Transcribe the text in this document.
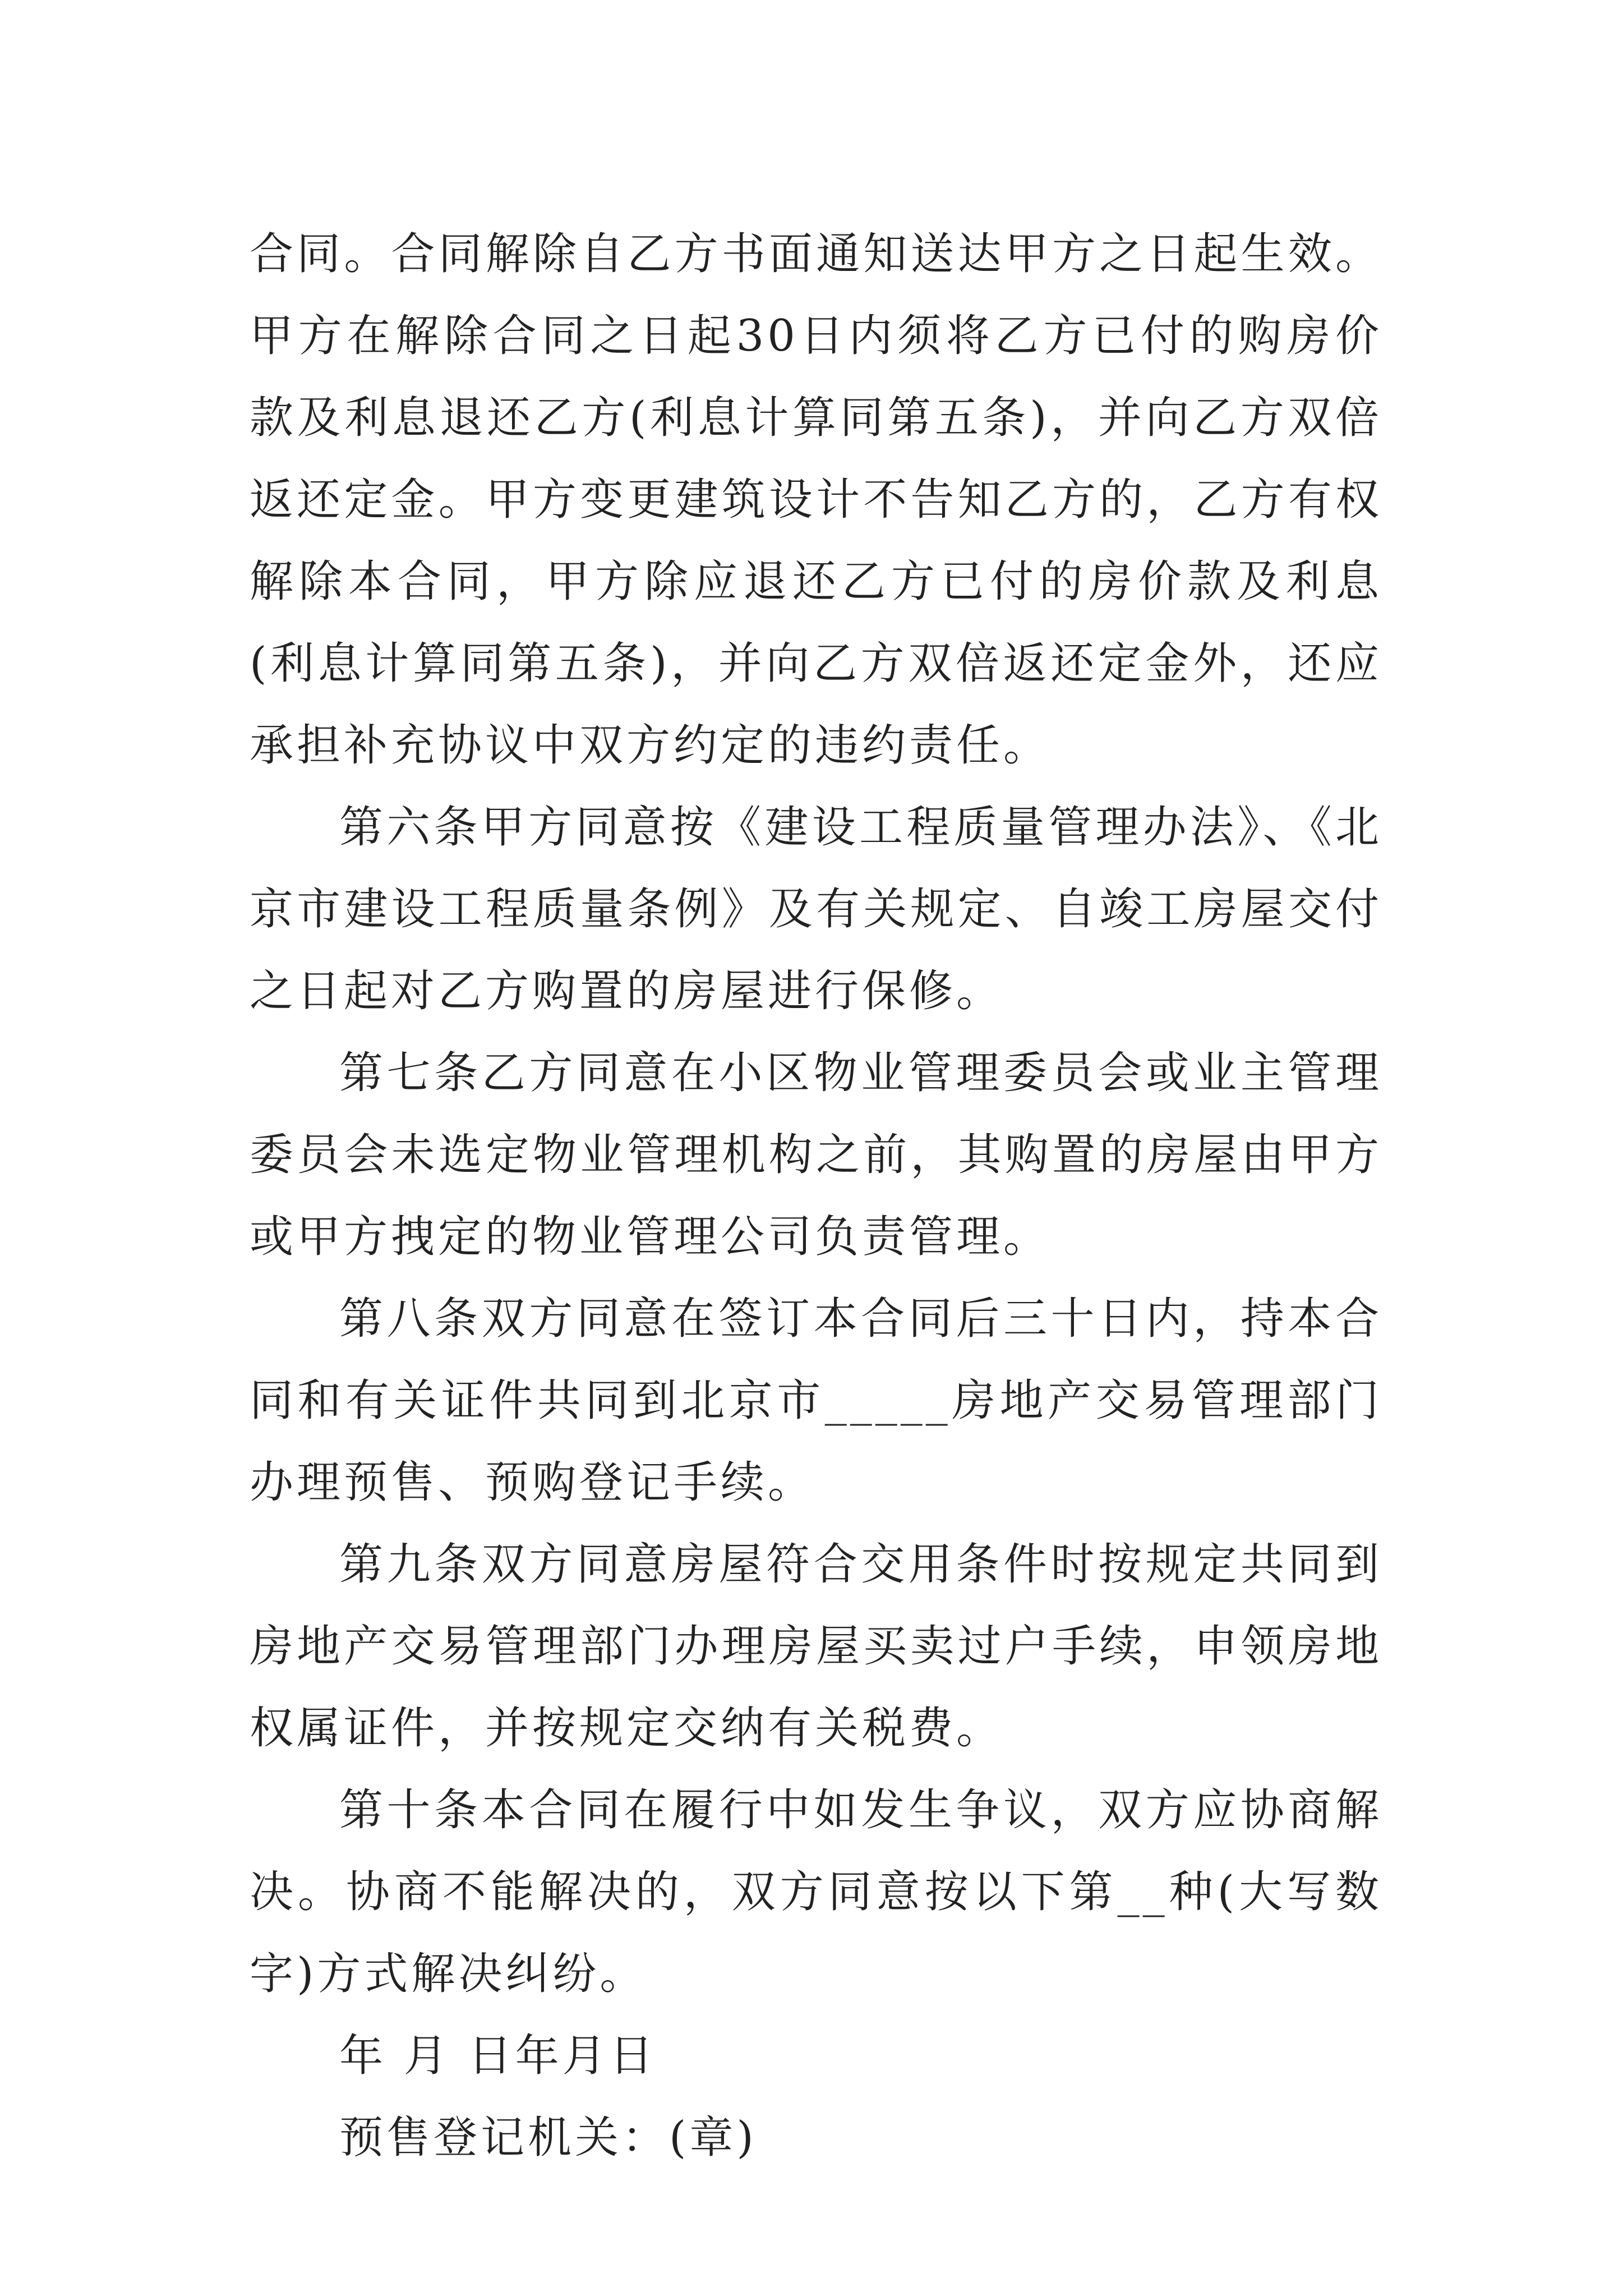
合同。合同解除自乙方书面通知送达甲方之日起生效。甲方在解除合同之日起30日内须将乙方已付的购房价款及利息退还乙方(利息计算同第五条)，并向乙方双倍返还定金。甲方变更建筑设计不告知乙方的，乙方有权解除本合同，甲方除应退还乙方已付的房价款及利息(利息计算同第五条)，并向乙方双倍返还定金外，还应承担补充协议中双方约定的违约责任。

第六条甲方同意按《建设工程质量管理办法》、《北京市建设工程质量条例》及有关规定、自竣工房屋交付之日起对乙方购置的房屋进行保修。

第七条乙方同意在小区物业管理委员会或业主管理委员会未选定物业管理机构之前，其购置的房屋由甲方或甲方拽定的物业管理公司负责管理。

第八条双方同意在签订本合同后三十日内，持本合同和有关证件共同到北京市_____房地产交易管理部门办理预售、预购登记手续。

第九条双方同意房屋符合交用条件时按规定共同到房地产交易管理部门办理房屋买卖过户手续，申领房地权属证件，并按规定交纳有关税费。

第十条本合同在履行中如发生争议，双方应协商解决。协商不能解决的，双方同意按以下第__种(大写数字)方式解决纠纷。

年 月 日年月日

预售登记机关：(章)
